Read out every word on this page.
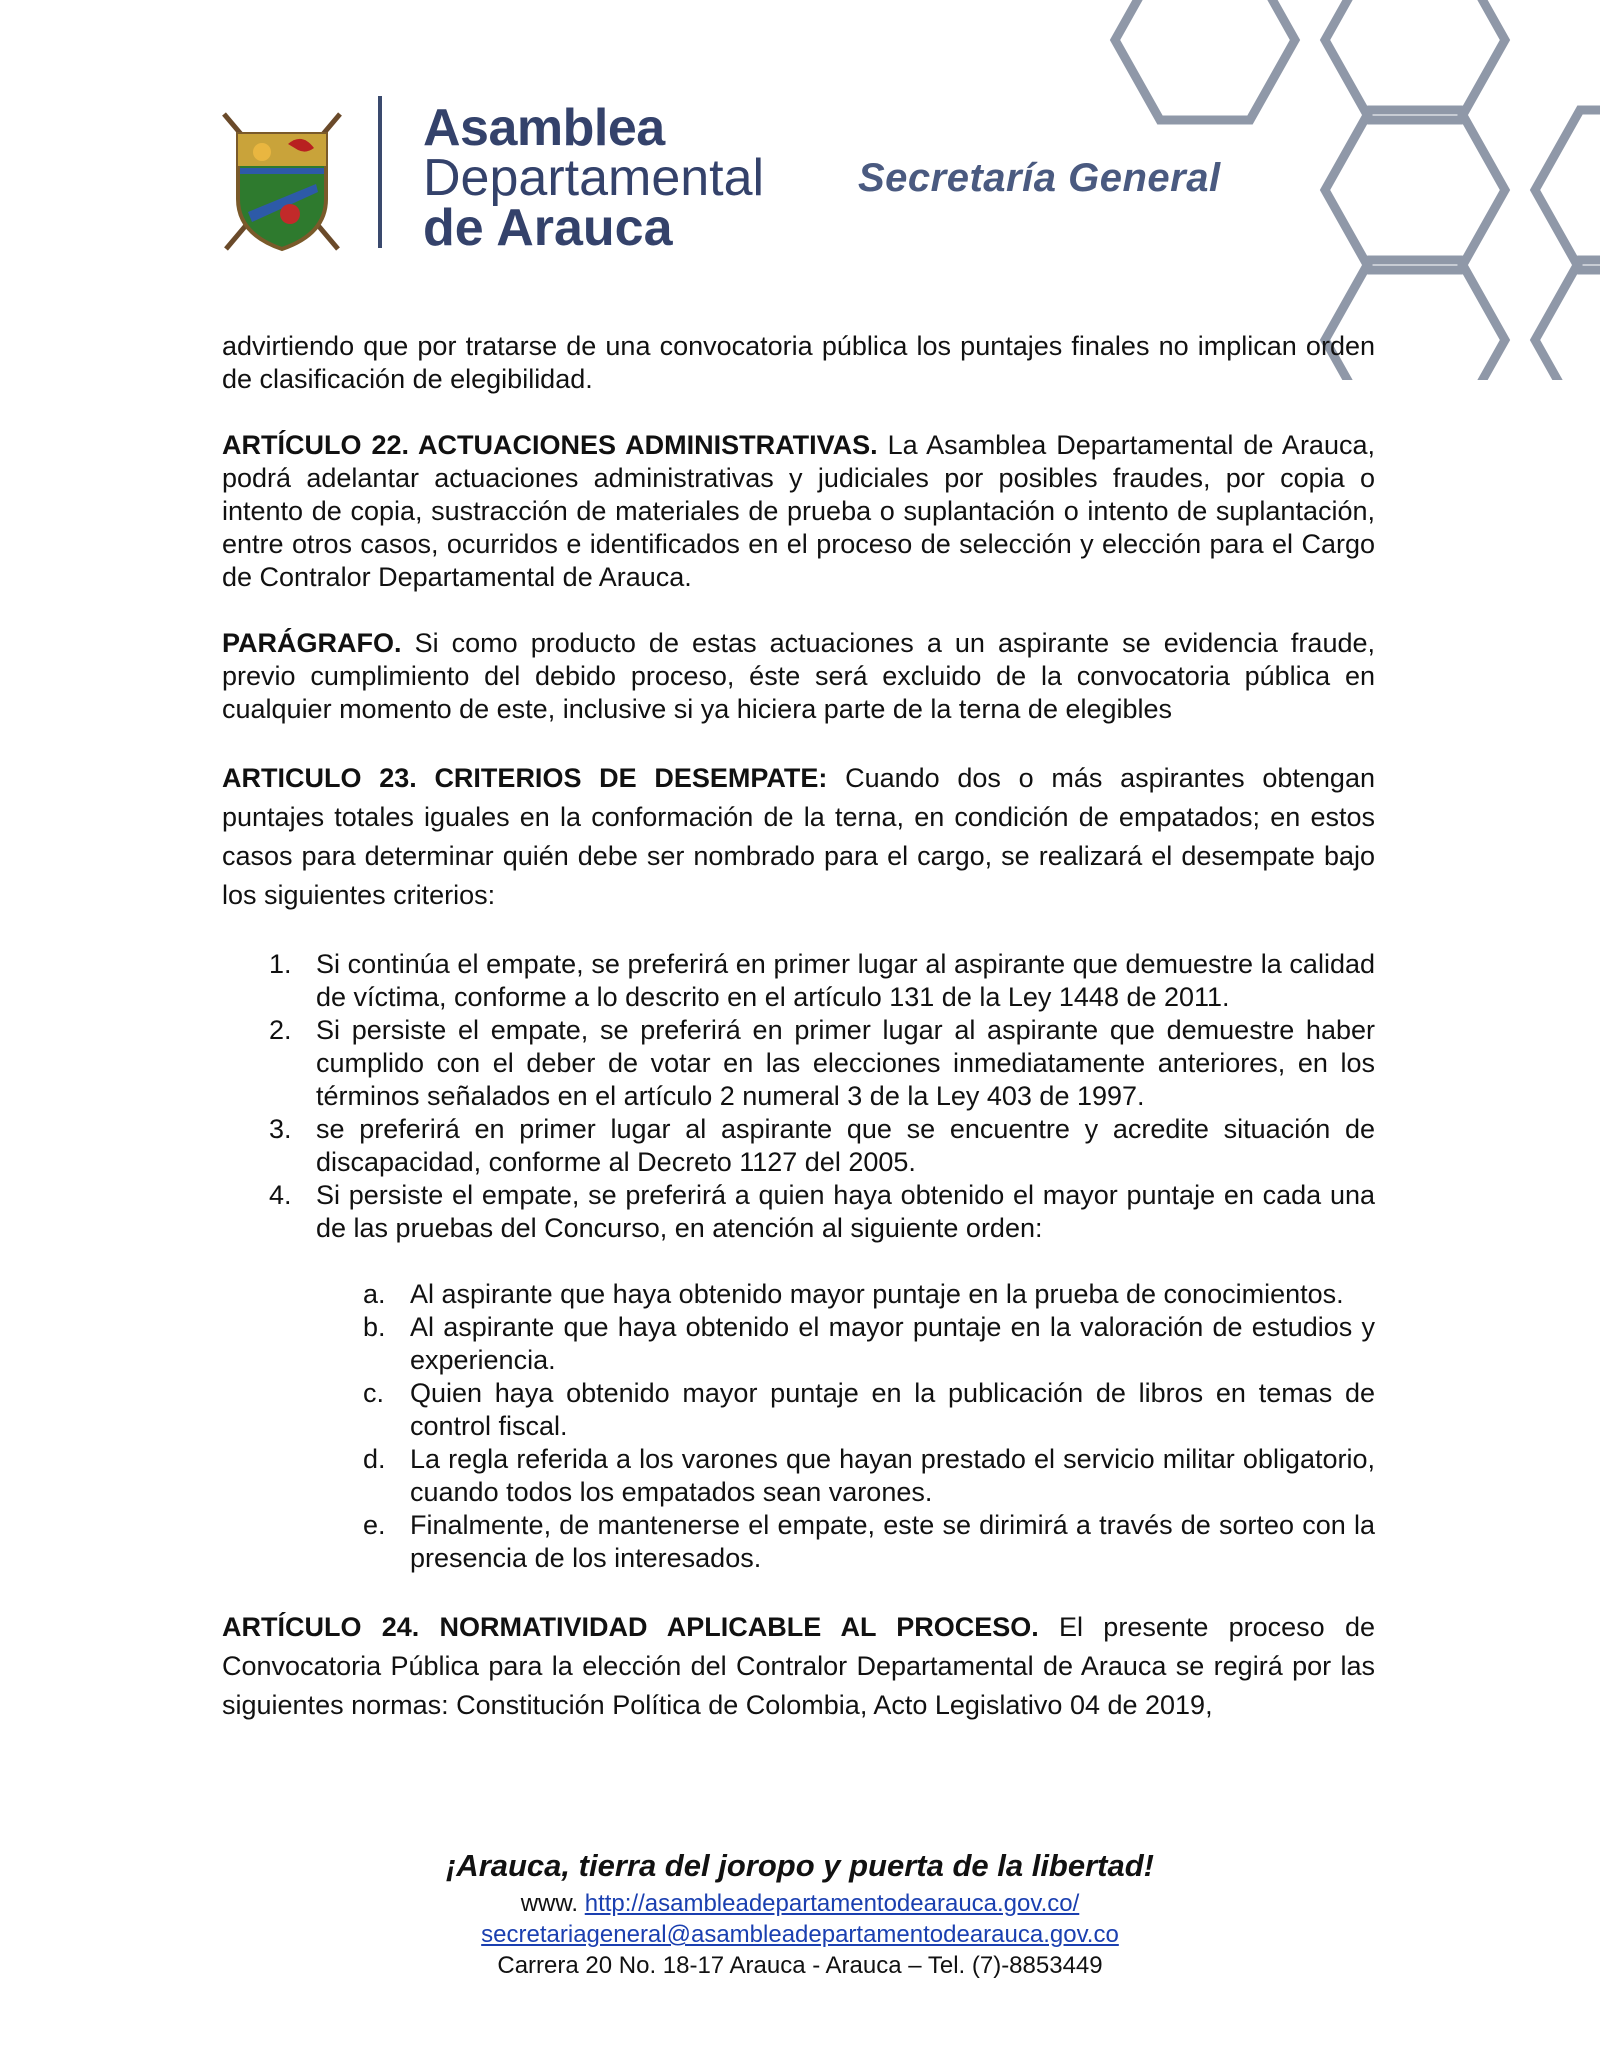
Asamblea
Departamental
de Arauca
Secretaría General

advirtiendo que por tratarse de una convocatoria pública los puntajes finales no implican orden de clasificación de elegibilidad.

ARTÍCULO 22. ACTUACIONES ADMINISTRATIVAS. La Asamblea Departamental de Arauca, podrá adelantar actuaciones administrativas y judiciales por posibles fraudes, por copia o intento de copia, sustracción de materiales de prueba o suplantación o intento de suplantación, entre otros casos, ocurridos e identificados en el proceso de selección y elección para el Cargo de Contralor Departamental de Arauca.

PARÁGRAFO. Si como producto de estas actuaciones a un aspirante se evidencia fraude, previo cumplimiento del debido proceso, éste será excluido de la convocatoria pública en cualquier momento de este, inclusive si ya hiciera parte de la terna de elegibles

ARTICULO 23. CRITERIOS DE DESEMPATE: Cuando dos o más aspirantes obtengan puntajes totales iguales en la conformación de la terna, en condición de empatados; en estos casos para determinar quién debe ser nombrado para el cargo, se realizará el desempate bajo los siguientes criterios:

1. Si continúa el empate, se preferirá en primer lugar al aspirante que demuestre la calidad de víctima, conforme a lo descrito en el artículo 131 de la Ley 1448 de 2011.
2. Si persiste el empate, se preferirá en primer lugar al aspirante que demuestre haber cumplido con el deber de votar en las elecciones inmediatamente anteriores, en los términos señalados en el artículo 2 numeral 3 de la Ley 403 de 1997.
3. se preferirá en primer lugar al aspirante que se encuentre y acredite situación de discapacidad, conforme al Decreto 1127 del 2005.
4. Si persiste el empate, se preferirá a quien haya obtenido el mayor puntaje en cada una de las pruebas del Concurso, en atención al siguiente orden:
a. Al aspirante que haya obtenido mayor puntaje en la prueba de conocimientos.
b. Al aspirante que haya obtenido el mayor puntaje en la valoración de estudios y experiencia.
c. Quien haya obtenido mayor puntaje en la publicación de libros en temas de control fiscal.
d. La regla referida a los varones que hayan prestado el servicio militar obligatorio, cuando todos los empatados sean varones.
e. Finalmente, de mantenerse el empate, este se dirimirá a través de sorteo con la presencia de los interesados.

ARTÍCULO 24. NORMATIVIDAD APLICABLE AL PROCESO. El presente proceso de Convocatoria Pública para la elección del Contralor Departamental de Arauca se regirá por las siguientes normas: Constitución Política de Colombia, Acto Legislativo 04 de 2019,

¡Arauca, tierra del joropo y puerta de la libertad!
www. http://asambleadepartamentodearauca.gov.co/
secretariageneral@asambleadepartamentodearauca.gov.co
Carrera 20 No. 18-17 Arauca - Arauca – Tel. (7)-8853449
